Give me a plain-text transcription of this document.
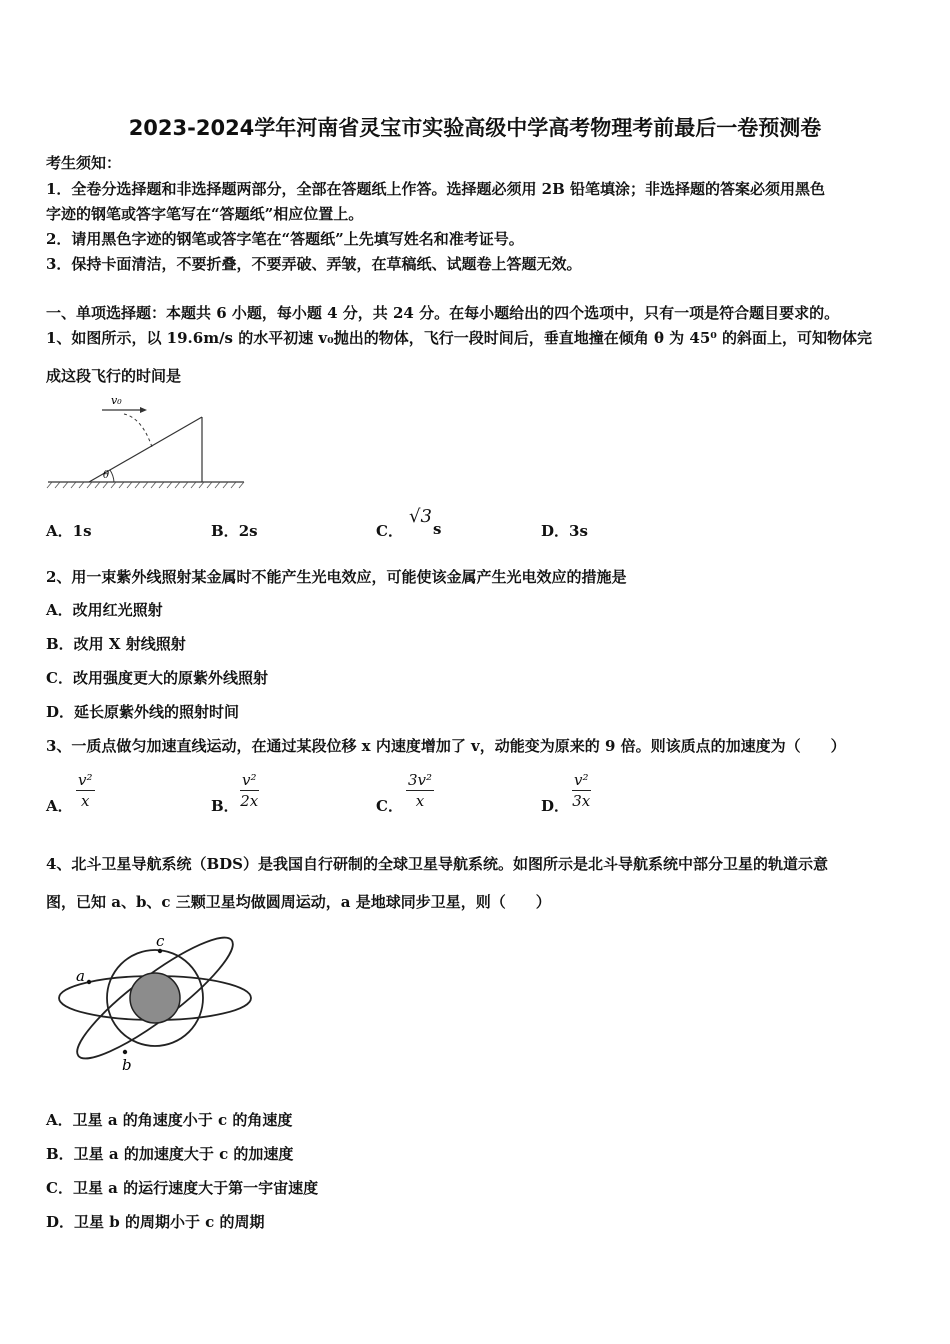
2023-2024学年河南省灵宝市实验高级中学高考物理考前最后一卷预测卷
考生须知：
1．全卷分选择题和非选择题两部分，全部在答题纸上作答。选择题必须用 2B 铅笔填涂；非选择题的答案必须用黑色
字迹的钢笔或答字笔写在“答题纸”相应位置上。
2．请用黑色字迹的钢笔或答字笔在“答题纸”上先填写姓名和准考证号。
3．保持卡面清洁，不要折叠，不要弄破、弄皱，在草稿纸、试题卷上答题无效。
一、单项选择题：本题共 6 小题，每小题 4 分，共 24 分。在每小题给出的四个选项中，只有一项是符合题目要求的。
1、如图所示，以 19.6m/s 的水平初速 v₀抛出的物体，飞行一段时间后，垂直地撞在倾角 θ 为 45⁰ 的斜面上，可知物体完
成这段飞行的时间是
θ
v₀
A．1s	B．2s	C．
√3
s	D．3s
2、用一束紫外线照射某金属时不能产生光电效应，可能使该金属产生光电效应的措施是
A．改用红光照射
B．改用 X 射线照射
C．改用强度更大的原紫外线照射
D．延长原紫外线的照射时间
3、一质点做匀加速直线运动，在通过某段位移 x 内速度增加了 v，动能变为原来的 9 倍。则该质点的加速度为（　　）
A． $\frac{\text{v²}}{x}$	B． $\frac{\text{v²}}{2x}$	C． $\frac{\text{3v²}}{x}$	D． $\frac{\text{v²}}{3x}$
4、北斗卫星导航系统（BDS）是我国自行研制的全球卫星导航系统。如图所示是北斗导航系统中部分卫星的轨道示意
图，已知 a、b、c 三颗卫星均做圆周运动，a 是地球同步卫星，则（　　）
c
a
b
A．卫星 a 的角速度小于 c 的角速度
B．卫星 a 的加速度大于 c 的加速度
C．卫星 a 的运行速度大于第一宇宙速度
D．卫星 b 的周期小于 c 的周期
